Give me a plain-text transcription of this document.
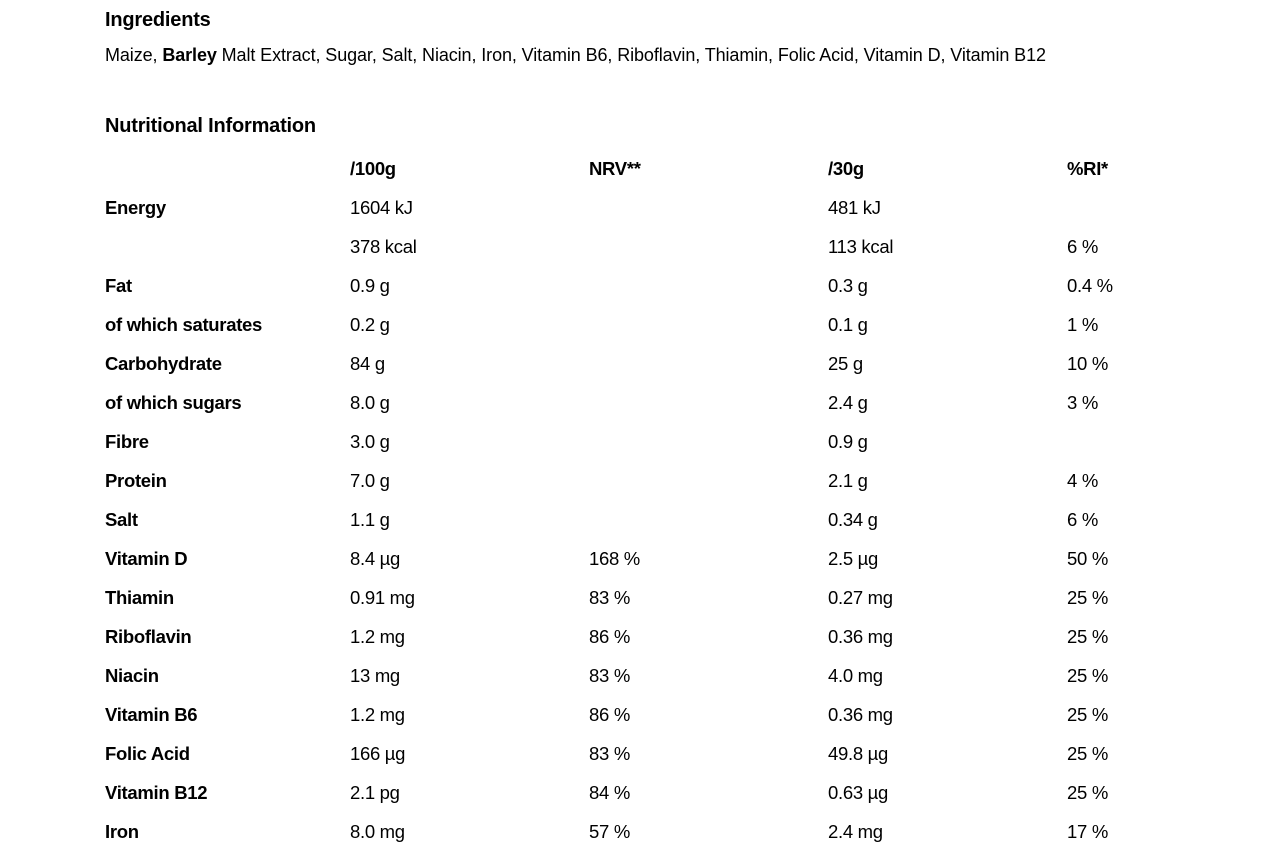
Ingredients

Maize, Barley Malt Extract, Sugar, Salt, Niacin, Iron, Vitamin B6, Riboflavin, Thiamin, Folic Acid, Vitamin D, Vitamin B12

Nutritional Information
	/100g	NRV**	/30g	%RI*
Energy	1604 kJ		481 kJ	
	378 kcal		113 kcal	6 %
Fat	0.9 g		0.3 g	0.4 %
of which saturates	0.2 g		0.1 g	1 %
Carbohydrate	84 g		25 g	10 %
of which sugars	8.0 g		2.4 g	3 %
Fibre	3.0 g		0.9 g	
Protein	7.0 g		2.1 g	4 %
Salt	1.1 g		0.34 g	6 %
Vitamin D	8.4 µg	168 %	2.5 µg	50 %
Thiamin	0.91 mg	83 %	0.27 mg	25 %
Riboflavin	1.2 mg	86 %	0.36 mg	25 %
Niacin	13 mg	83 %	4.0 mg	25 %
Vitamin B6	1.2 mg	86 %	0.36 mg	25 %
Folic Acid	166 µg	83 %	49.8 µg	25 %
Vitamin B12	2.1 pg	84 %	0.63 µg	25 %
Iron	8.0 mg	57 %	2.4 mg	17 %
